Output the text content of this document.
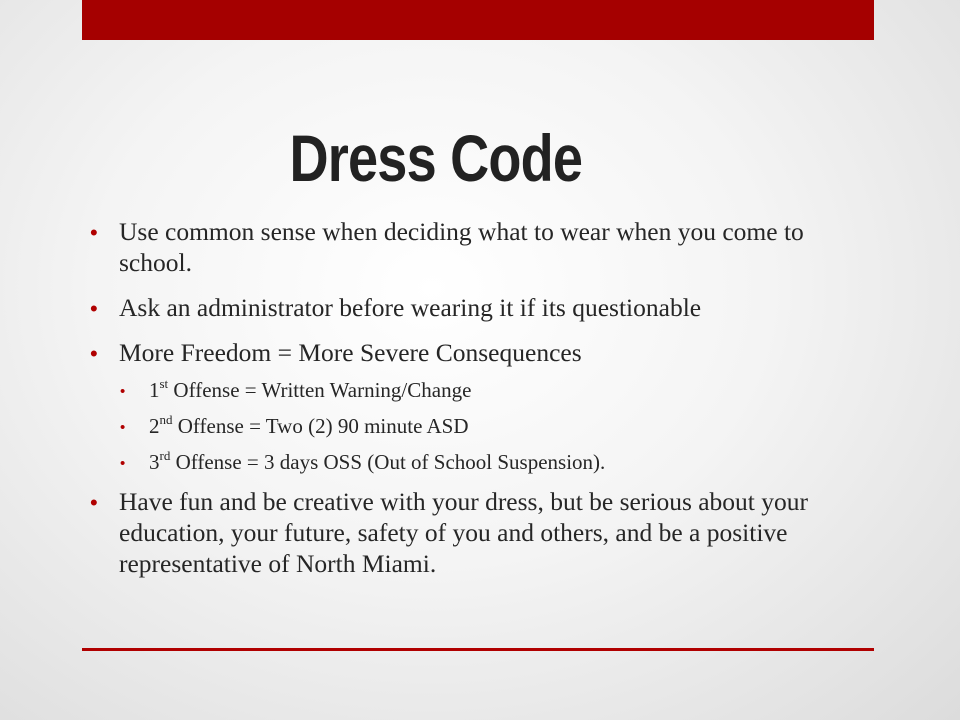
Dress Code
• Use common sense when deciding what to wear when you come to school.
• Ask an administrator before wearing it if its questionable
• More Freedom = More Severe Consequences
• 1st Offense = Written Warning/Change
• 2nd Offense = Two (2) 90 minute ASD
• 3rd Offense = 3 days OSS (Out of School Suspension).
• Have fun and be creative with your dress, but be serious about your education, your future, safety of you and others, and be a positive representative of North Miami.
